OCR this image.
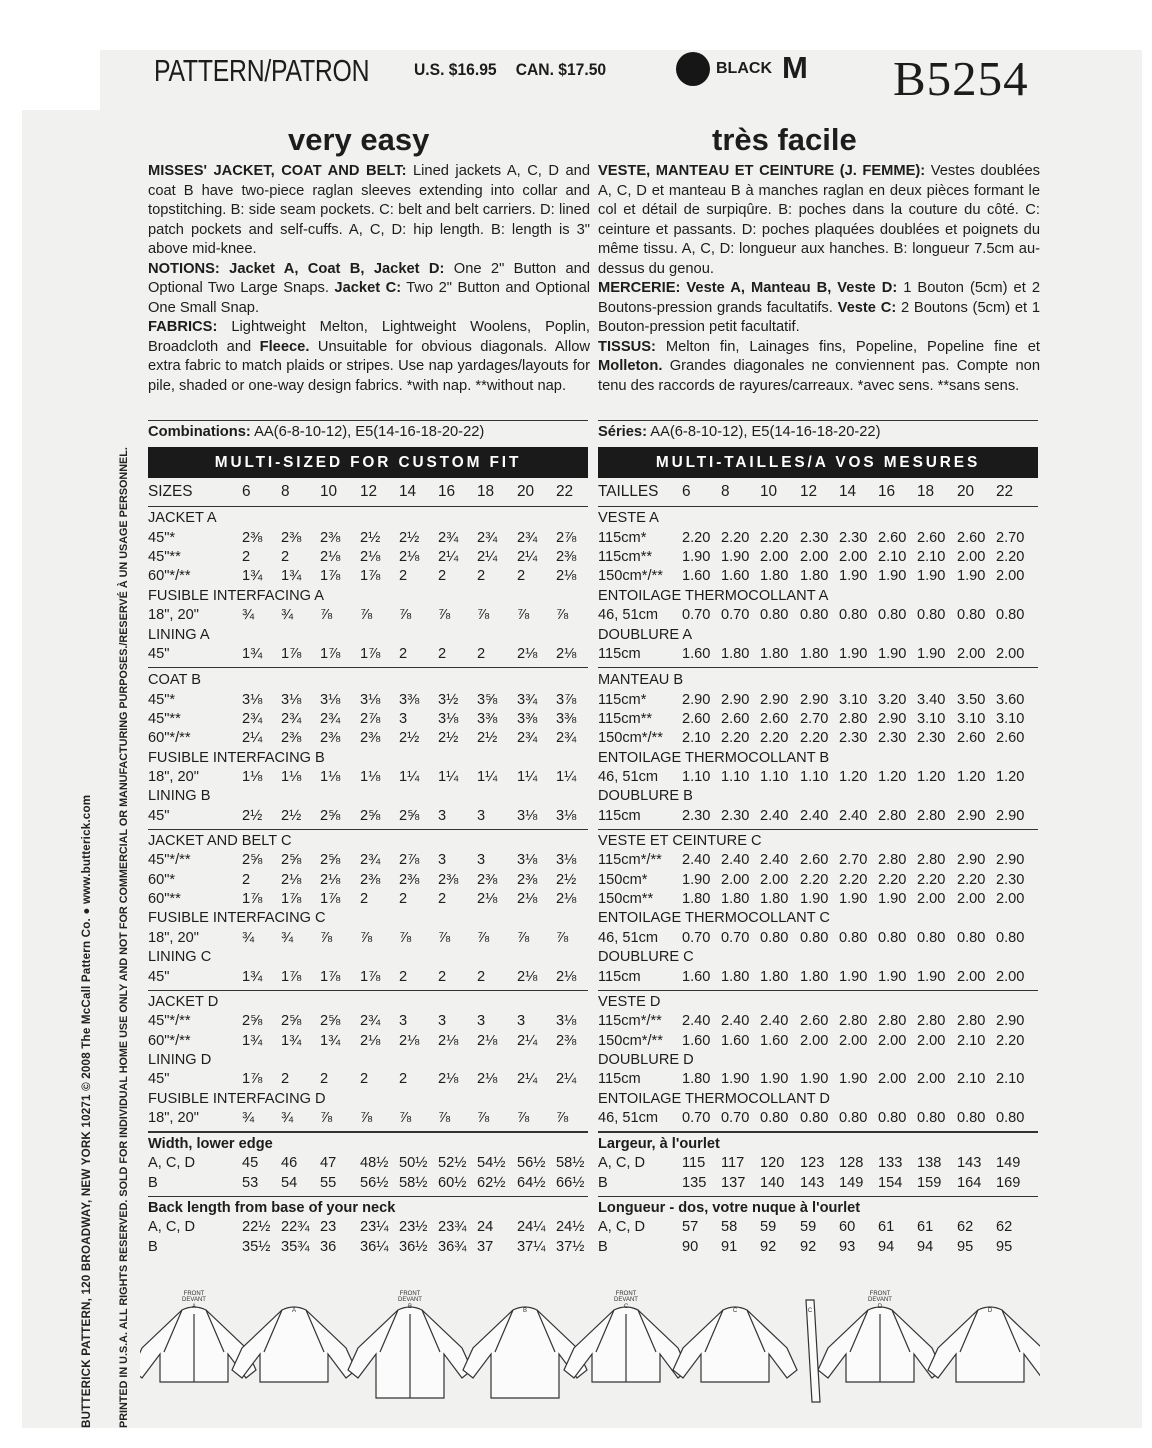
BUTTERICK PATTERN, 120 BROADWAY, NEW YORK 10271 © 2008 The McCall Pattern Co. ● www.butterick.com PRINTED IN U.S.A. ALL RIGHTS RESERVED. SOLD FOR INDIVIDUAL HOME USE ONLY AND NOT FOR COMMERCIAL OR MANUFACTURING PURPOSES./RESERVÉ À UN USAGE PERSONNEL.
PATTERN/PATRON	U.S. $16.95 CAN. $17.50	BLACK M B5254
very easy	très facile

MISSES' JACKET, COAT AND BELT: Lined jackets A, C, D and coat B have two-piece raglan sleeves extending into collar and topstitching. B: side seam pockets. C: belt and belt carriers. D: lined patch pockets and self-cuffs. A, C, D: hip length. B: length is 3" above mid-knee.

NOTIONS: Jacket A, Coat B, Jacket D: One 2" Button and Optional Two Large Snaps. Jacket C: Two 2" Button and Optional One Small Snap.

FABRICS: Lightweight Melton, Lightweight Woolens, Poplin, Broadcloth and Fleece. Unsuitable for obvious diagonals. Allow extra fabric to match plaids or stripes. Use nap yardages/layouts for pile, shaded or one-way design fabrics. *with nap. **without nap.

VESTE, MANTEAU ET CEINTURE (J. FEMME): Vestes doublées A, C, D et manteau B à manches raglan en deux pièces formant le col et détail de surpiqûre. B: poches dans la couture du côté. C: ceinture et passants. D: poches plaquées doublées et poignets du même tissu. A, C, D: longueur aux hanches. B: longueur 7.5cm au-dessus du genou.

MERCERIE: Veste A, Manteau B, Veste D: 1 Bouton (5cm) et 2 Boutons-pression grands facultatifs. Veste C: 2 Boutons (5cm) et 1 Bouton-pression petit facultatif.

TISSUS: Melton fin, Lainages fins, Popeline, Popeline fine et Molleton. Grandes diagonales ne conviennent pas. Compte non tenu des raccords de rayures/carreaux. *avec sens. **sans sens.

Combinations: AA(6-8-10-12), E5(14-16-18-20-22)	Séries: AA(6-8-10-12), E5(14-16-18-20-22)
MULTI-SIZED FOR CUSTOM FIT	MULTI-TAILLES/A VOS MESURES
SIZES	6 8 10 12 14 16 18 20 22
JACKET A
45"*	2⅜ 2⅜ 2⅜ 2½ 2½ 2¾ 2¾ 2¾ 2⅞
45"**	2 2 2⅛ 2⅛ 2⅛ 2¼ 2¼ 2¼ 2⅜
60"*/**	1¾ 1¾ 1⅞ 1⅞ 2 2 2 2 2⅛
FUSIBLE INTERFACING A
18", 20"	¾ ¾ ⅞ ⅞ ⅞ ⅞ ⅞ ⅞ ⅞
LINING A
45"	1¾ 1⅞ 1⅞ 1⅞ 2 2 2 2⅛ 2⅛
COAT B
45"*	3⅛ 3⅛ 3⅛ 3⅛ 3⅜ 3½ 3⅝ 3¾ 3⅞
45"**	2¾ 2¾ 2¾ 2⅞ 3 3⅛ 3⅜ 3⅜ 3⅜
60"*/**	2¼ 2⅜ 2⅜ 2⅜ 2½ 2½ 2½ 2¾ 2¾
FUSIBLE INTERFACING B
18", 20"	1⅛ 1⅛ 1⅛ 1⅛ 1¼ 1¼ 1¼ 1¼ 1¼
LINING B
45"	2½ 2½ 2⅝ 2⅝ 2⅝ 3 3 3⅛ 3⅛
JACKET AND BELT C
45"*/**	2⅝ 2⅝ 2⅝ 2¾ 2⅞ 3 3 3⅛ 3⅛
60"*	2 2⅛ 2⅛ 2⅜ 2⅜ 2⅜ 2⅜ 2⅜ 2½
60"**	1⅞ 1⅞ 1⅞ 2 2 2 2⅛ 2⅛ 2⅛
FUSIBLE INTERFACING C
18", 20"	¾ ¾ ⅞ ⅞ ⅞ ⅞ ⅞ ⅞ ⅞
LINING C
45"	1¾ 1⅞ 1⅞ 1⅞ 2 2 2 2⅛ 2⅛
JACKET D
45"*/**	2⅝ 2⅝ 2⅝ 2¾ 3 3 3 3 3⅛
60"*/**	1¾ 1¾ 1¾ 2⅛ 2⅛ 2⅛ 2⅛ 2¼ 2⅜
LINING D
45"	1⅞ 2 2 2 2 2⅛ 2⅛ 2¼ 2¼
FUSIBLE INTERFACING D
18", 20"	¾ ¾ ⅞ ⅞ ⅞ ⅞ ⅞ ⅞ ⅞
Width, lower edge
A, C, D	45 46 47 48½ 50½ 52½ 54½ 56½ 58½
B	53 54 55 56½ 58½ 60½ 62½ 64½ 66½
Back length from base of your neck
A, C, D	22½ 22¾ 23 23¼ 23½ 23¾ 24 24¼ 24½
B	35½ 35¾ 36 36¼ 36½ 36¾ 37 37¼ 37½
TAILLES 6 8 10 12 14 16 18 20 22
VESTE A
115cm* 2.20 2.20 2.20 2.30 2.30 2.60 2.60 2.60 2.70
115cm** 1.90 1.90 2.00 2.00 2.00 2.10 2.10 2.00 2.20
150cm*/** 1.60 1.60 1.80 1.80 1.90 1.90 1.90 1.90 2.00
ENTOILAGE THERMOCOLLANT A
46, 51cm 0.70 0.70 0.80 0.80 0.80 0.80 0.80 0.80 0.80
DOUBLURE A
115cm	1.60 1.80 1.80 1.80 1.90 1.90 1.90 2.00 2.00
MANTEAU B
115cm* 2.90 2.90 2.90 2.90 3.10 3.20 3.40 3.50 3.60
115cm** 2.60 2.60 2.60 2.70 2.80 2.90 3.10 3.10 3.10
150cm*/** 2.10 2.20 2.20 2.20 2.30 2.30 2.30 2.60 2.60
ENTOILAGE THERMOCOLLANT B
46, 51cm 1.10 1.10 1.10 1.10 1.20 1.20 1.20 1.20 1.20
DOUBLURE B
115cm	2.30 2.30 2.40 2.40 2.40 2.80 2.80 2.90 2.90
VESTE ET CEINTURE C
115cm*/** 2.40 2.40 2.40 2.60 2.70 2.80 2.80 2.90 2.90
150cm* 1.90 2.00 2.00 2.20 2.20 2.20 2.20 2.20 2.30
150cm** 1.80 1.80 1.80 1.90 1.90 1.90 2.00 2.00 2.00
ENTOILAGE THERMOCOLLANT C
46, 51cm 0.70 0.70 0.80 0.80 0.80 0.80 0.80 0.80 0.80
DOUBLURE C
115cm	1.60 1.80 1.80 1.80 1.90 1.90 1.90 2.00 2.00
VESTE D
115cm*/** 2.40 2.40 2.40 2.60 2.80 2.80 2.80 2.80 2.90
150cm*/** 1.60 1.60 1.60 2.00 2.00 2.00 2.00 2.10 2.20
DOUBLURE D
115cm	1.80 1.90 1.90 1.90 1.90 2.00 2.00 2.10 2.10
ENTOILAGE THERMOCOLLANT D
46, 51cm 0.70 0.70 0.80 0.80 0.80 0.80 0.80 0.80 0.80
Largeur, à l'ourlet
A, C, D	115 117 120 123 128 133 138 143 149
B	135 137 140 143 149 154 159 164 169
Longueur - dos, votre nuque à l'ourlet
A, C, D	57 58 59 59 60 61 61 62 62
B	90 91 92 92 93 94 94 95 95
FRONT
DEVANT
A
A
FRONT
DEVANT
B
B
FRONT
DEVANT
C
C	C
FRONT
DEVANT
D
D
